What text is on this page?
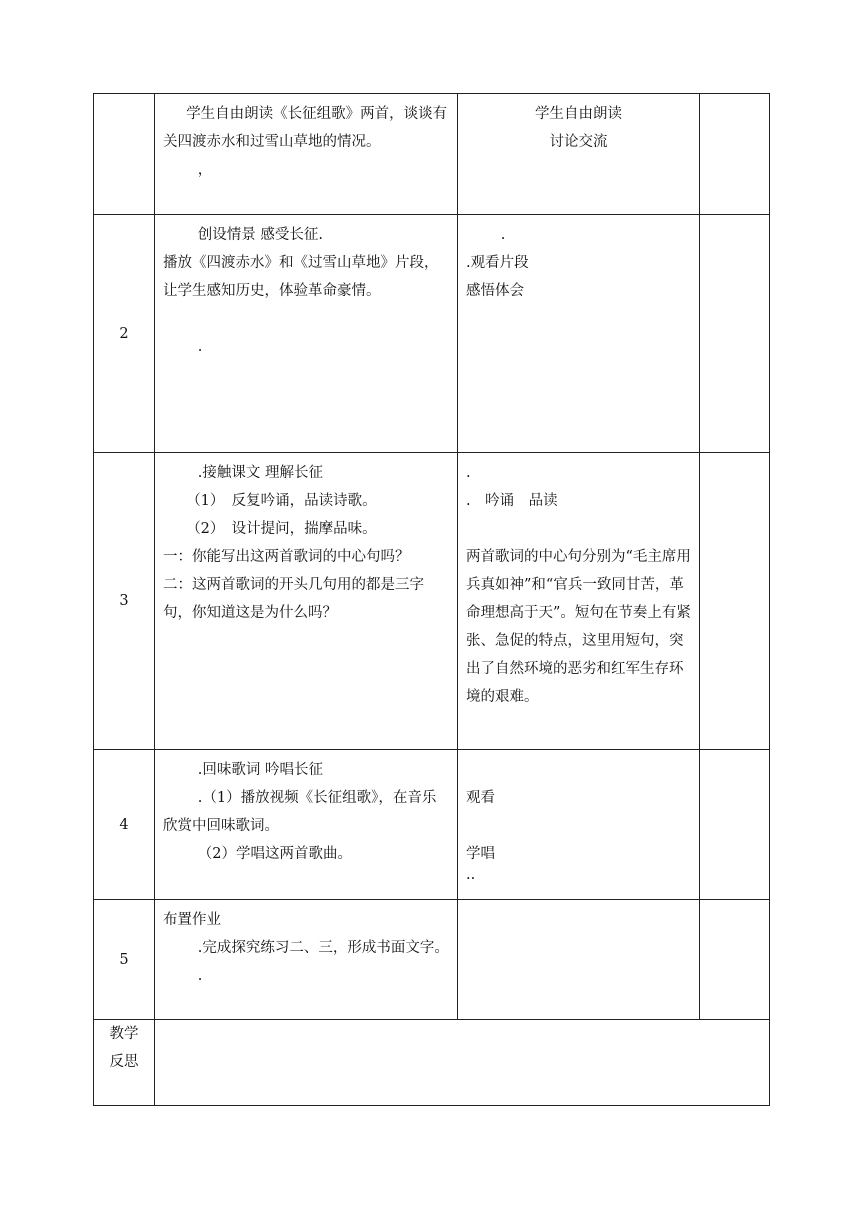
	学生自由朗读《长征组歌》两首，谈谈有关四渡赤水和过雪山草地的情况。
，	学生自由朗读
讨论交流	

2	创设情景 感受长征.
播放《四渡赤水》和《过雪山草地》片段，让学生感知历史，体验革命豪情。
.	.
.观看片段
感悟体会	

3	.接触课文 理解长征
（1）　反复吟诵，品读诗歌。
（2）　设计提问，揣摩品味。
一：你能写出这两首歌词的中心句吗？
二：这两首歌词的开头几句用的都是三字句，你知道这是为什么吗？	.
.　吟诵　品读
两首歌词的中心句分别为“毛主席用兵真如神”和“官兵一致同甘苦，革命理想高于天”。短句在节奏上有紧张、急促的特点，这里用短句，突出了自然环境的恶劣和红军生存环境的艰难。	

4	.回味歌词 吟唱长征
.（1）播放视频《长征组歌》，在音乐欣赏中回味歌词。
（2）学唱这两首歌曲。	观看
学唱
..	

5	布置作业
.完成探究练习二、三，形成书面文字。
.		

教学
反思			
